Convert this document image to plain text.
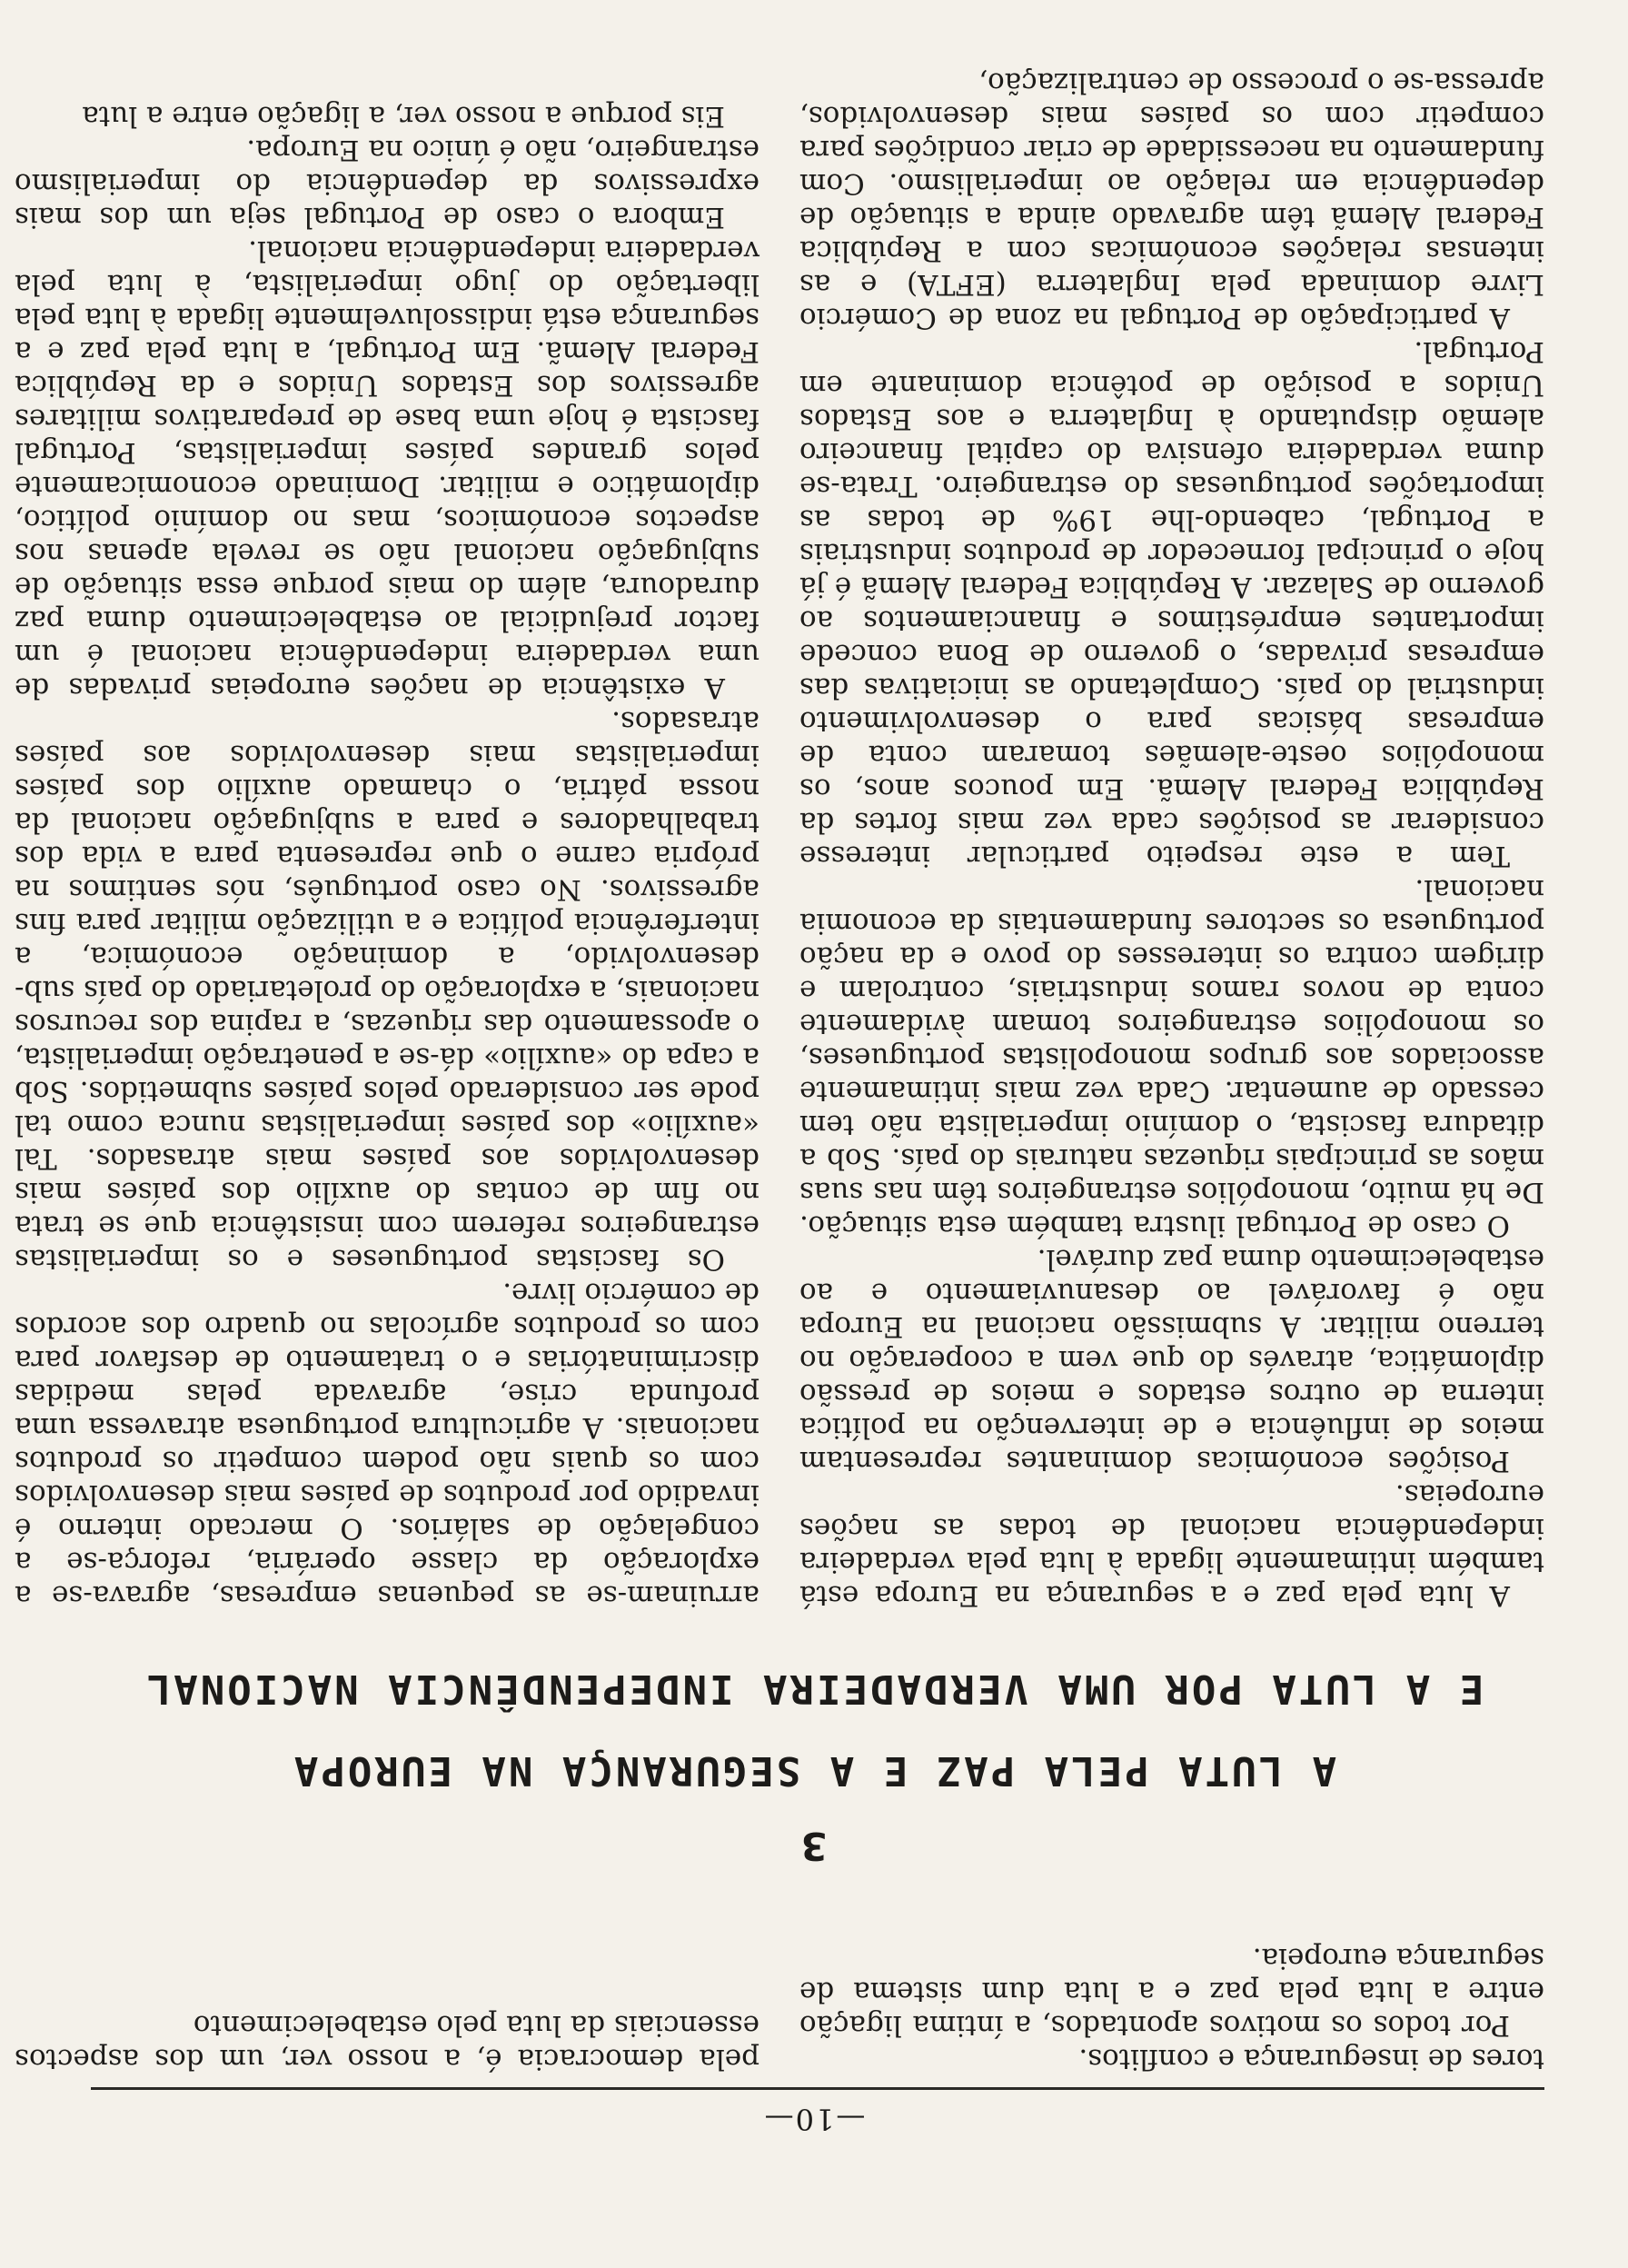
—10—

tores de insegurança e conflitos.

Por todos os motivos apontados, a íntima ligação entre a luta pela paz e a luta dum sistema de segurança europeia.

pela democracia é, a nosso ver, um dos aspectos essenciais da luta pelo estabelecimento

3
A LUTA PELA PAZ E A SEGURANÇA NA EUROPA
E A LUTA POR UMA VERDADEIRA INDEPENDÊNCIA NACIONAL

A luta pela paz e a segurança na Europa está também intimamente ligada à luta pela verdadeira independência nacional de todas as nações europeias.

Posições económicas dominantes representam meios de influência e de intervenção na política interna de outros estados e meios de pressão diplomática, através do que vem a cooperação no terreno militar. A submissão nacional na Europa não é favorável ao desanuviamento e ao estabelecimento duma paz durável.

O caso de Portugal ilustra também esta situação. De há muito, monopólios estrangeiros têm nas suas mãos as principais riquezas naturais do país. Sob a ditadura fascista, o domínio imperialista não tem cessado de aumentar. Cada vez mais intimamente associados aos grupos monopolistas portugueses, os monopólios estrangeiros tomam àvidamente conta de novos ramos industriais, controlam e dirigem contra os interesses do povo e da nação portuguesa os sectores fundamentais da economia nacional.

Tem a este respeito particular interesse considerar as posições cada vez mais fortes da República Federal Alemã. Em poucos anos, os monopólios oeste-alemães tomaram conta de empresas básicas para o desenvolvimento industrial do país. Completando as iniciativas das empresas privadas, o governo de Bona concede importantes empréstimos e financiamentos ao governo de Salazar. A República Federal Alemã é já hoje o principal fornecedor de produtos industriais a Portugal, cabendo-lhe 19% de todas as importações portuguesas do estrangeiro. Trata-se duma verdadeira ofensiva do capital financeiro alemão disputando à Inglaterra e aos Estados Unidos a posição de potência dominante em Portugal.

A participação de Portugal na zona de Comércio Livre dominada pela Inglaterra (EFTA) e as intensas relações económicas com a República Federal Alemã têm agravado ainda a situação de dependência em relação ao imperialismo. Com fundamento na necessidade de criar condições para competir com os países mais desenvolvidos, apressa-se o processo de centralização,

arruinam-se as pequenas empresas, agrava-se a exploração da classe operária, reforça-se a congelação de salários. O mercado interno é invadido por produtos de países mais desenvolvidos com os quais não podem competir os produtos nacionais. A agricultura portuguesa atravessa uma profunda crise, agravada pelas medidas discriminatórias e o tratamento de desfavor para com os produtos agrícolas no quadro dos acordos de comércio livre.

Os fascistas portugueses e os imperialistas estrangeiros referem com insistência que se trata no fim de contas do auxílio dos países mais desenvolvidos aos países mais atrasados. Tal «auxílio» dos países imperialistas nunca como tal pode ser considerado pelos países submetidos. Sob a capa do «auxílio» dá-se a penetração imperialista, o apossamento das riquezas, a rapina dos recursos nacionais, a exploração do proletariado do país sub-desenvolvido, a dominação económica, a interferência política e a utilização militar para fins agressivos. No caso português, nós sentimos na própria carne o que representa para a vida dos trabalhadores e para a subjugação nacional da nossa pátria, o chamado auxílio dos países imperialistas mais desenvolvidos aos países atrasados.

A existência de nações europeias privadas de uma verdadeira independência nacional é um factor prejudicial ao estabelecimento duma paz duradoura, além do mais porque essa situação de subjugação nacional não se revela apenas nos aspectos económicos, mas no domínio político, diplomático e militar. Dominado economicamente pelos grandes países imperialistas, Portugal fascista é hoje uma base de preparativos militares agressivos dos Estados Unidos e da República Federal Alemã. Em Portugal, a luta pela paz e a segurança está indissoluvelmente ligada à luta pela libertação do jugo imperialista, à luta pela verdadeira independência nacional.

Embora o caso de Portugal seja um dos mais expressivos da dependência do imperialismo estrangeiro, não é único na Europa.

Eis porque a nosso ver, a ligação entre a luta
